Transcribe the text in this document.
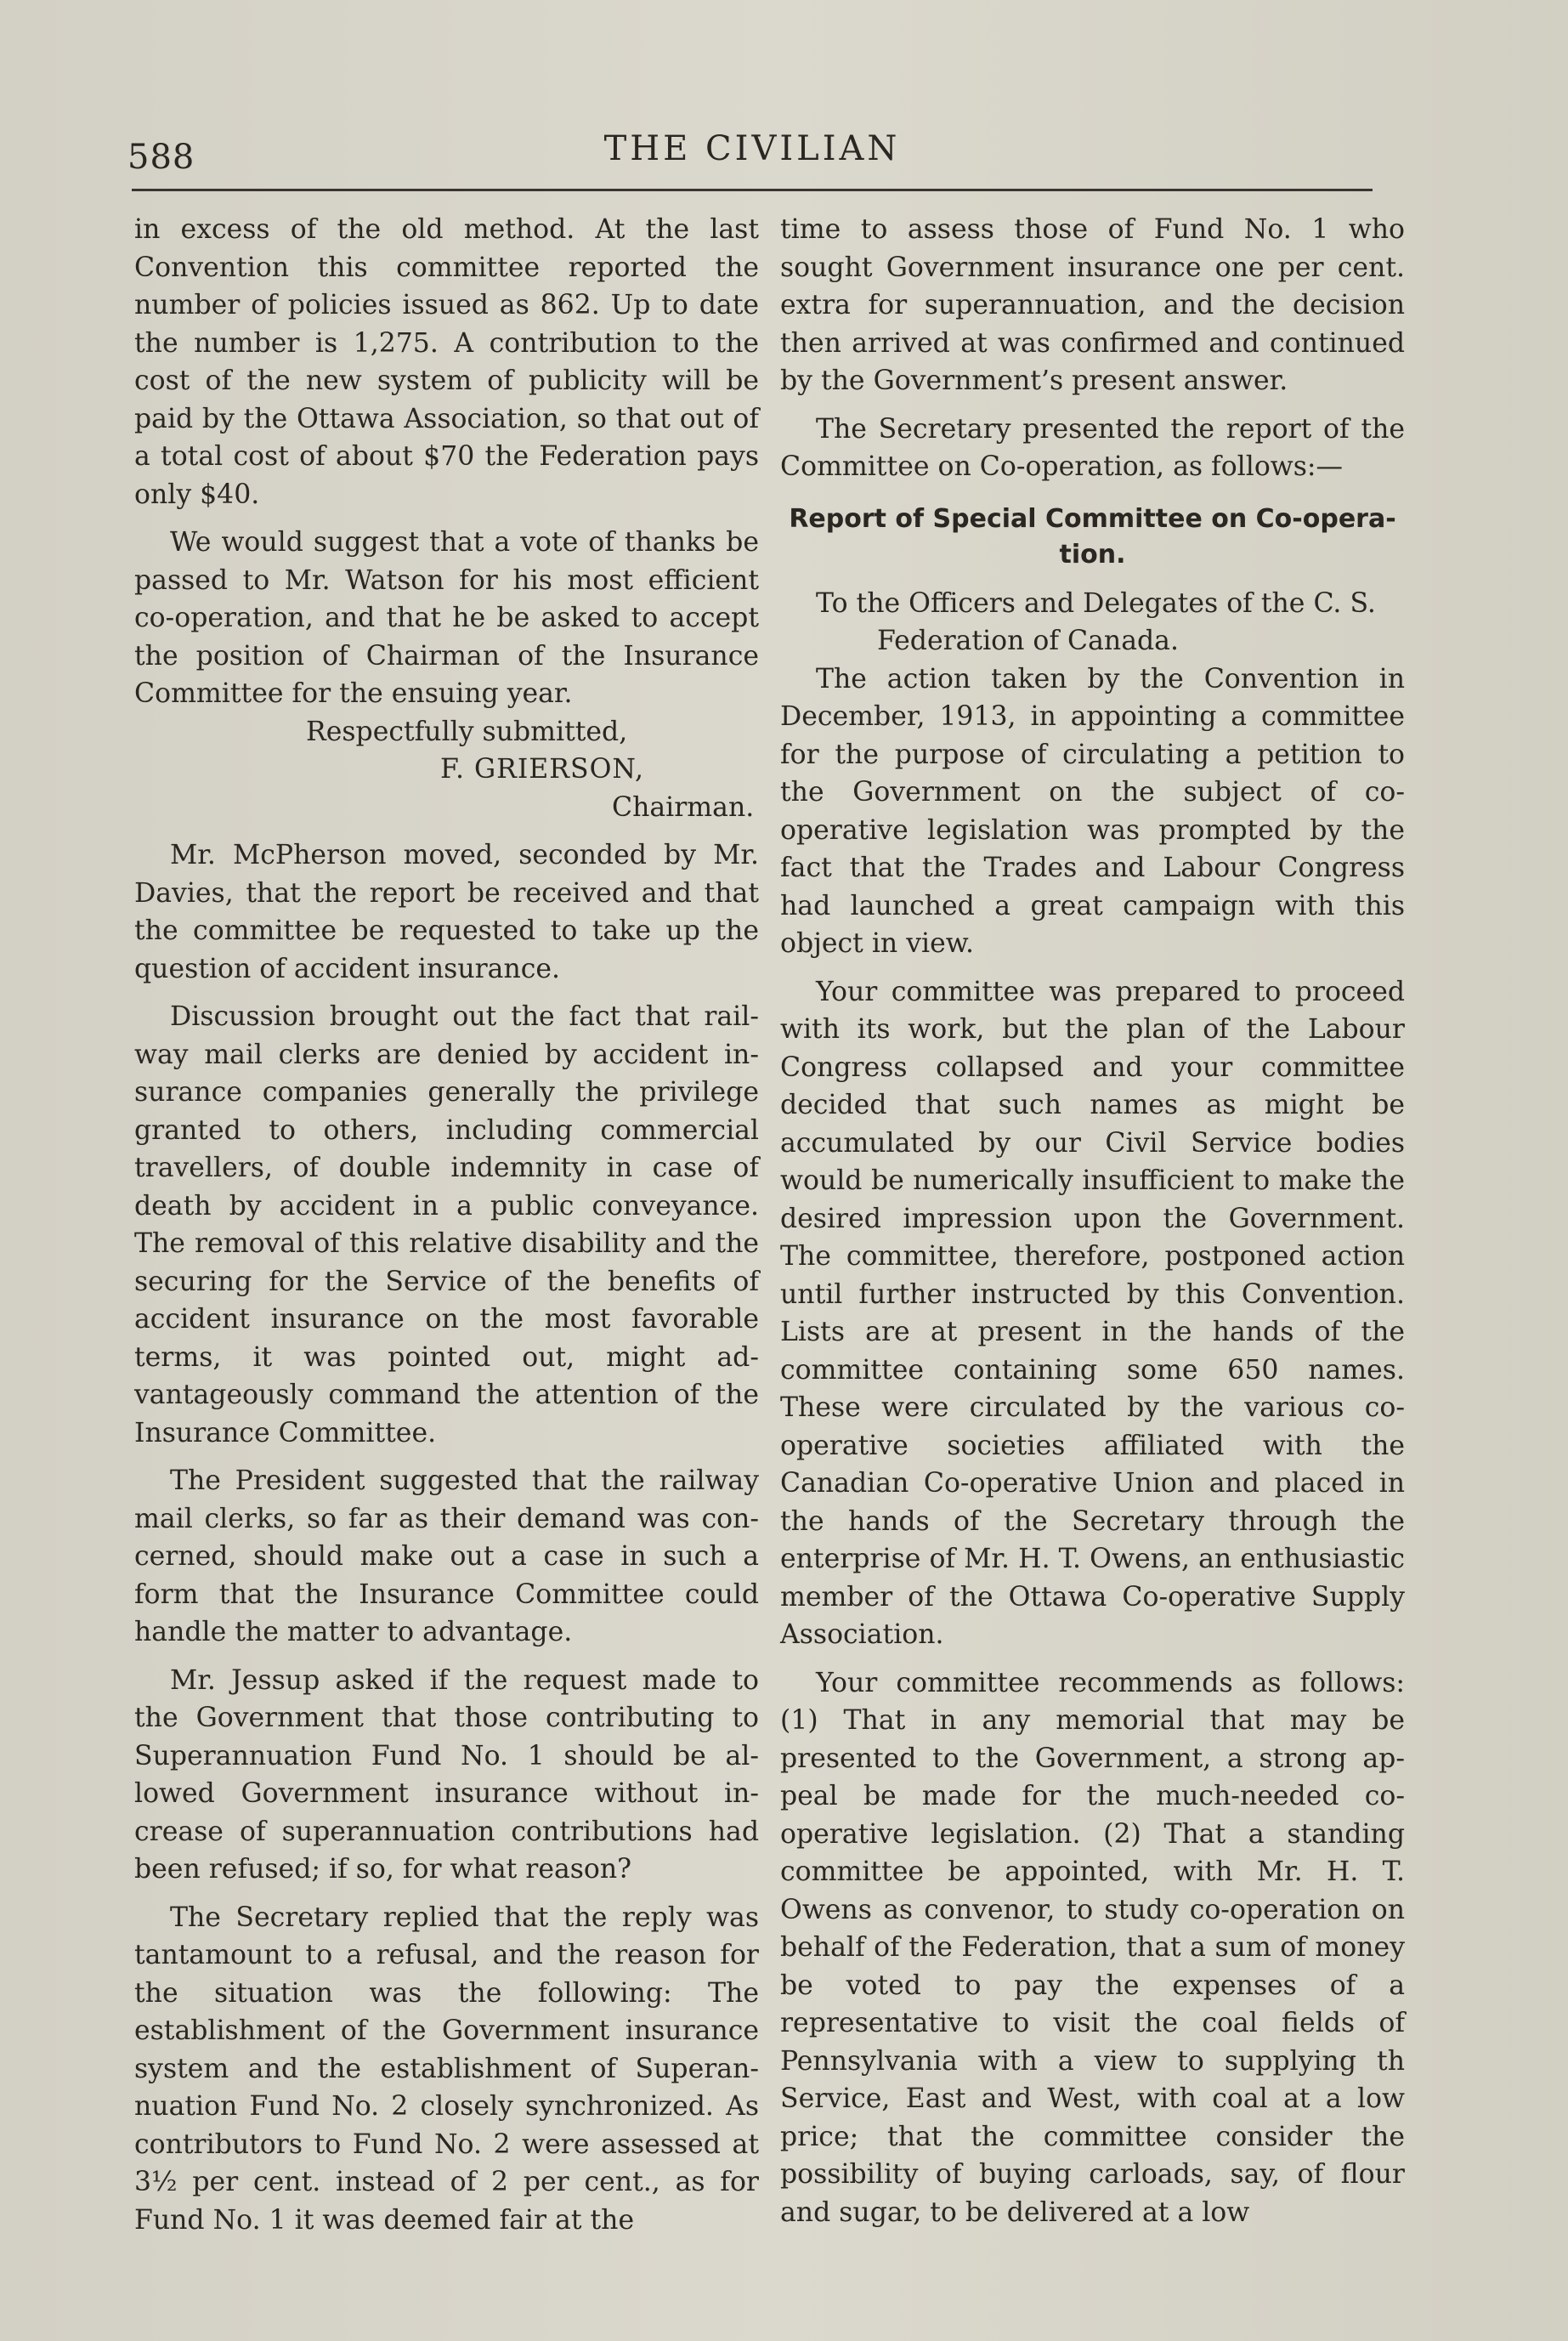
588	THE CIVILIAN

in excess of the old method. At the last Convention this committee reported the number of policies issued as 862. Up to date the number is 1,275. A contribution to the cost of the new system of publicity will be paid by the Ottawa Association, so that out of a total cost of about $70 the Federation pays only $40.

We would suggest that a vote of thanks be passed to Mr. Watson for his most efficient co-operation, and that he be asked to accept the position of Chairman of the Insurance Committee for the ensuing year.

Respectfully submitted,

F. GRIERSON,

Chairman.

Mr. McPherson moved, seconded by Mr. Davies, that the report be received and that the committee be requested to take up the question of accident insurance.

Discussion brought out the fact that railway mail clerks are denied by accident insurance companies generally the privilege granted to others, including commercial travellers, of double indemnity in case of death by accident in a public conveyance. The removal of this relative disability and the securing for the Service of the benefits of accident insurance on the most favorable terms, it was pointed out, might advantageously command the attention of the Insurance Committee.

The President suggested that the railway mail clerks, so far as their demand was concerned, should make out a case in such a form that the Insurance Committee could handle the matter to advantage.

Mr. Jessup asked if the request made to the Government that those contributing to Superannuation Fund No. 1 should be allowed Government insurance without increase of superannuation contributions had been refused; if so, for what reason?

The Secretary replied that the reply was tantamount to a refusal, and the reason for the situation was the following: The establishment of the Government insurance system and the establishment of Superannuation Fund No. 2 closely synchronized. As contributors to Fund No. 2 were assessed at 3½ per cent. instead of 2 per cent., as for Fund No. 1 it was deemed fair at the

time to assess those of Fund No. 1 who sought Government insurance one per cent. extra for superannuation, and the decision then arrived at was confirmed and continued by the Government’s present answer.

The Secretary presented the report of the Committee on Co-operation, as follows:—

Report of Special Committee on Co-operation.

To the Officers and Delegates of the C. S.
Federation of Canada.

The action taken by the Convention in December, 1913, in appointing a committee for the purpose of circulating a petition to the Government on the subject of co-operative legislation was prompted by the fact that the Trades and Labour Congress had launched a great campaign with this object in view.

Your committee was prepared to proceed with its work, but the plan of the Labour Congress collapsed and your committee decided that such names as might be accumulated by our Civil Service bodies would be numerically insufficient to make the desired impression upon the Government. The committee, therefore, postponed action until further instructed by this Convention. Lists are at present in the hands of the committee containing some 650 names. These were circulated by the various co-operative societies affiliated with the Canadian Co-operative Union and placed in the hands of the Secretary through the enterprise of Mr. H. T. Owens, an enthusiastic member of the Ottawa Co-operative Supply Association.

Your committee recommends as follows: (1) That in any memorial that may be presented to the Government, a strong appeal be made for the much-needed co-operative legislation. (2) That a standing committee be appointed, with Mr. H. T. Owens as convenor, to study co-operation on behalf of the Federation, that a sum of money be voted to pay the expenses of a representative to visit the coal fields of Pennsylvania with a view to supplying th Service, East and West, with coal at a low price; that the committee consider the possibility of buying carloads, say, of flour and sugar, to be delivered at a low
